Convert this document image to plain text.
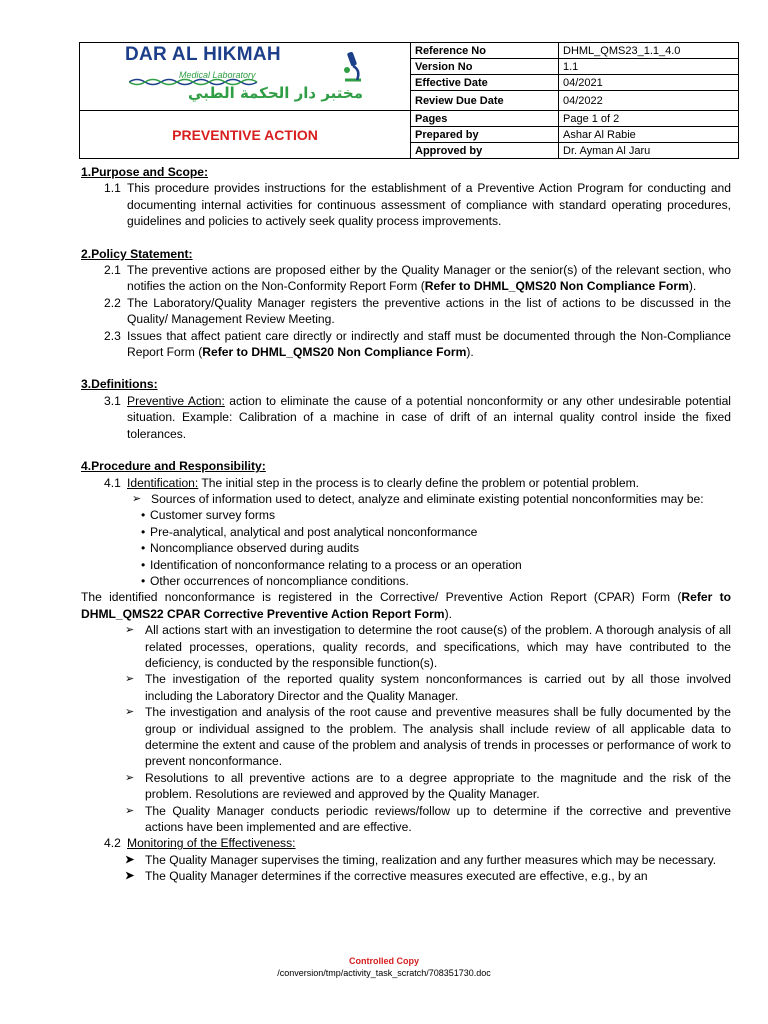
DAR AL HIKMAH
Medical Laboratory
مختبر دار الحكمة الطبي	Reference No	DHML_QMS23_1.1_4.0
	Version No	1.1
	Effective Date	04/2021
	Review Due Date	04/2022
PREVENTIVE ACTION	Pages	Page 1 of 2
	Prepared by	Ashar Al Rabie
	Approved by	Dr. Ayman Al Jaru

1.Purpose and Scope:

1.1 This procedure provides instructions for the establishment of a Preventive Action Program for conducting and documenting internal activities for continuous assessment of compliance with standard operating procedures, guidelines and policies to actively seek quality process improvements.

2.Policy Statement:

2.1 The preventive actions are proposed either by the Quality Manager or the senior(s) of the relevant section, who notifies the action on the Non-Conformity Report Form (Refer to DHML_QMS20 Non Compliance Form).

2.2 The Laboratory/Quality Manager registers the preventive actions in the list of actions to be discussed in the Quality/ Management Review Meeting.

2.3 Issues that affect patient care directly or indirectly and staff must be documented through the Non-Compliance Report Form (Refer to DHML_QMS20 Non Compliance Form).

3.Definitions:

3.1 Preventive Action: action to eliminate the cause of a potential nonconformity or any other undesirable potential situation. Example: Calibration of a machine in case of drift of an internal quality control inside the fixed tolerances.

4.Procedure and Responsibility:

4.1 Identification: The initial step in the process is to clearly define the problem or potential problem.

➢ Sources of information used to detect, analyze and eliminate existing potential nonconformities may be:

• Customer survey forms

• Pre-analytical, analytical and post analytical nonconformance

• Noncompliance observed during audits

• Identification of nonconformance relating to a process or an operation

• Other occurrences of noncompliance conditions.

The identified nonconformance is registered in the Corrective/ Preventive Action Report (CPAR) Form (Refer to DHML_QMS22 CPAR Corrective Preventive Action Report Form).

➢ All actions start with an investigation to determine the root cause(s) of the problem. A thorough analysis of all related processes, operations, quality records, and specifications, which may have contributed to the deficiency, is conducted by the responsible function(s).

➢ The investigation of the reported quality system nonconformances is carried out by all those involved including the Laboratory Director and the Quality Manager.

➢ The investigation and analysis of the root cause and preventive measures shall be fully documented by the group or individual assigned to the problem. The analysis shall include review of all applicable data to determine the extent and cause of the problem and analysis of trends in processes or performance of work to prevent nonconformance.

➢ Resolutions to all preventive actions are to a degree appropriate to the magnitude and the risk of the problem. Resolutions are reviewed and approved by the Quality Manager.

➢ The Quality Manager conducts periodic reviews/follow up to determine if the corrective and preventive actions have been implemented and are effective.

4.2 Monitoring of the Effectiveness:

➤ The Quality Manager supervises the timing, realization and any further measures which may be necessary.

➤ The Quality Manager determines if the corrective measures executed are effective, e.g., by an

Controlled Copy
/conversion/tmp/activity_task_scratch/708351730.doc
